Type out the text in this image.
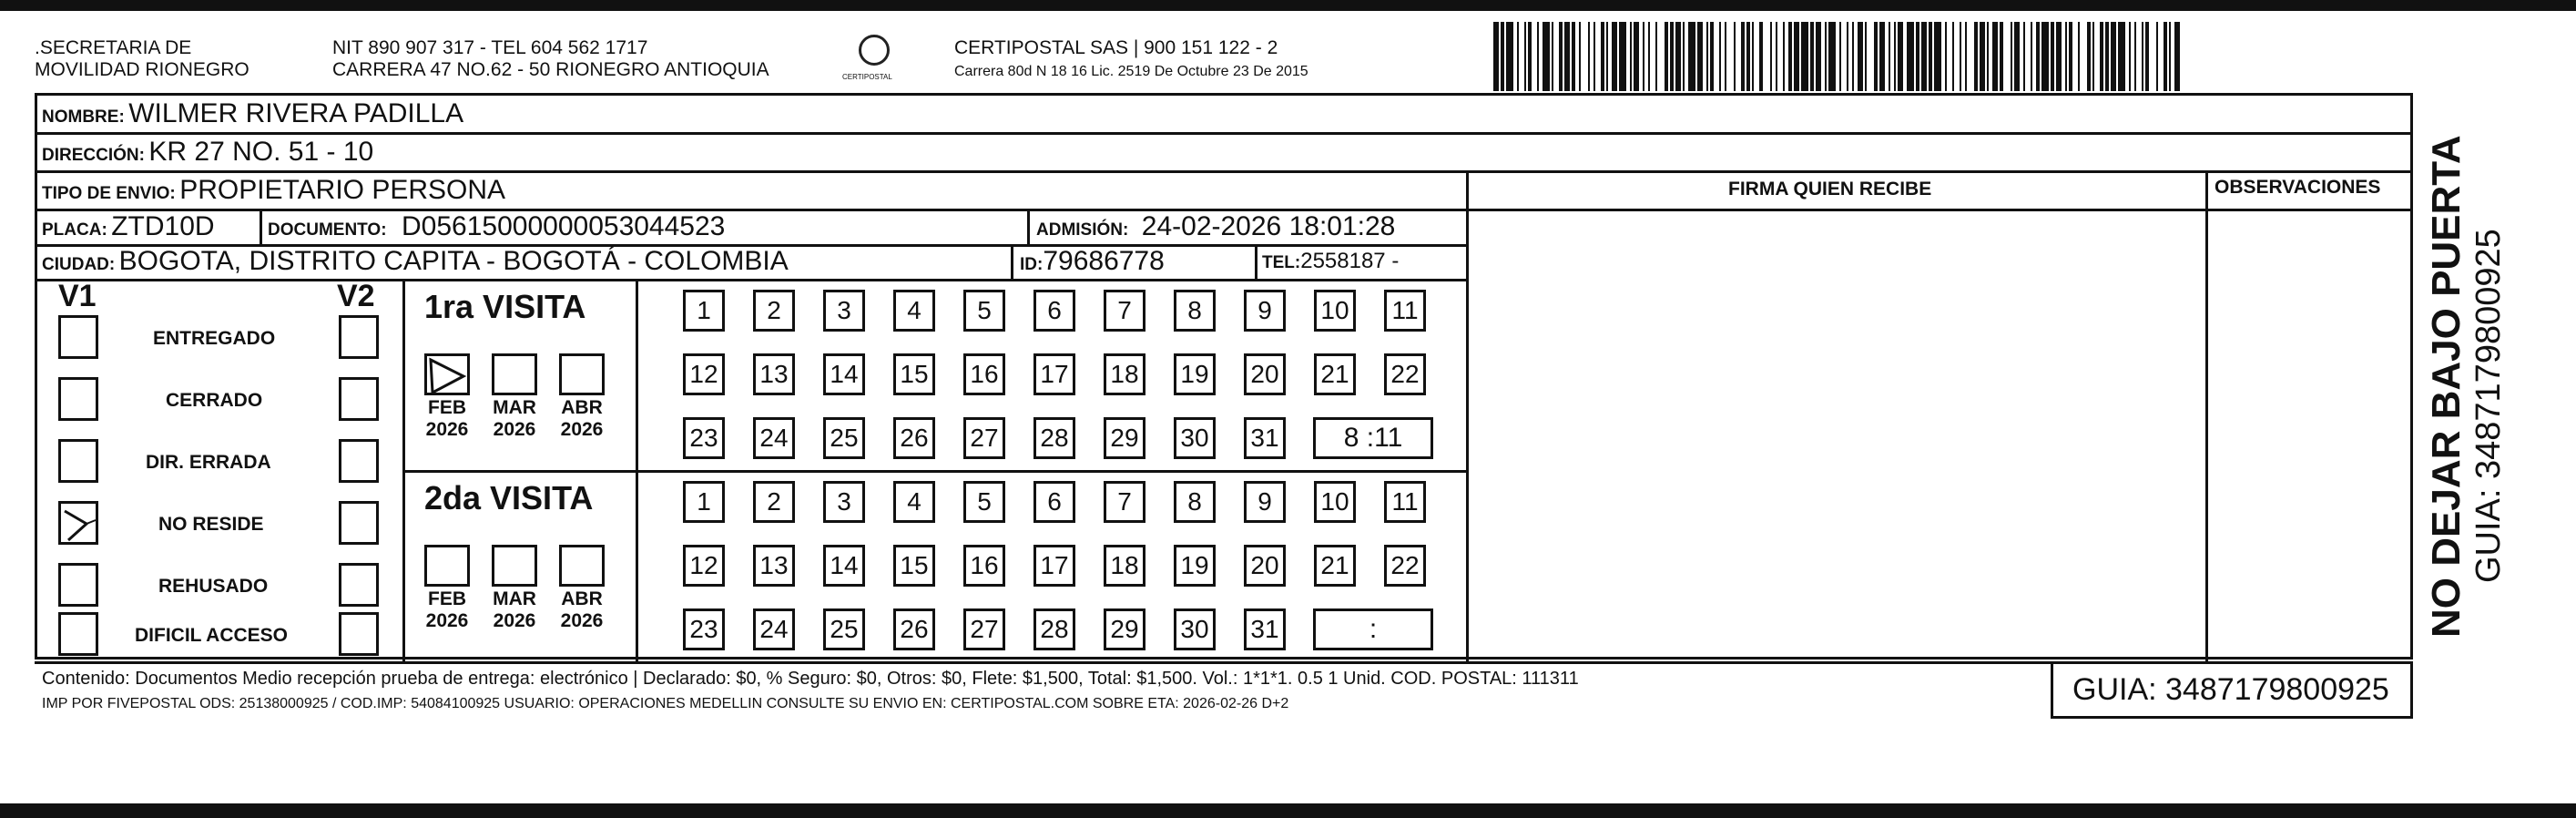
.SECRETARIA DE
MOVILIDAD RIONEGRO
NIT 890 907 317 - TEL 604 562 1717
CARRERA 47 NO.62 - 50 RIONEGRO ANTIOQUIA	CERTIPOSTAL
CERTIPOSTAL SAS | 900 151 122 - 2
Carrera 80d N 18 16 Lic. 2519 De Octubre 23 De 2015
NOMBRE: WILMER RIVERA PADILLA
DIRECCIÓN: KR 27 NO. 51 - 10
TIPO DE ENVIO: PROPIETARIO PERSONA	FIRMA QUIEN RECIBE	OBSERVACIONES
PLACA: ZTD10D	DOCUMENTO: D05615000000053044523	ADMISIÓN: 24-02-2026 18:01:28
CIUDAD: BOGOTA, DISTRITO CAPITA - BOGOTÁ - COLOMBIA	ID:79686778	TEL:2558187 -
V1	V2
ENTREGADO
CERRADO
DIR. ERRADA
NO RESIDE
REHUSADO
DIFICIL ACCESO
1ra VISITA
FEB
2026
MAR
2026
ABR
2026
1	2	3	4	5	6	7	8	9	10	11
12 13 14 15 16 17 18 19 20 21 22
23 24 25 26 27 28 29 30 31	8 :11
2da VISITA
FEB
2026
MAR
2026
ABR
2026
1	2	3	4	5	6	7	8	9	10	11
12 13 14 15 16 17 18 19 20 21 22
23 24 25 26 27 28 29 30 31	:
Contenido: Documentos Medio recepción prueba de entrega: electrónico | Declarado: $0, % Seguro: $0, Otros: $0, Flete: $1,500, Total: $1,500. Vol.: 1*1*1. 0.5 1 Unid. COD. POSTAL: 111311
IMP POR FIVEPOSTAL ODS: 25138000925 / COD.IMP: 54084100925 USUARIO: OPERACIONES MEDELLIN CONSULTE SU ENVIO EN: CERTIPOSTAL.COM SOBRE ETA: 2026-02-26 D+2	GUIA: 3487179800925
NO DEJAR BAJO PUERTA GUIA: 3487179800925
